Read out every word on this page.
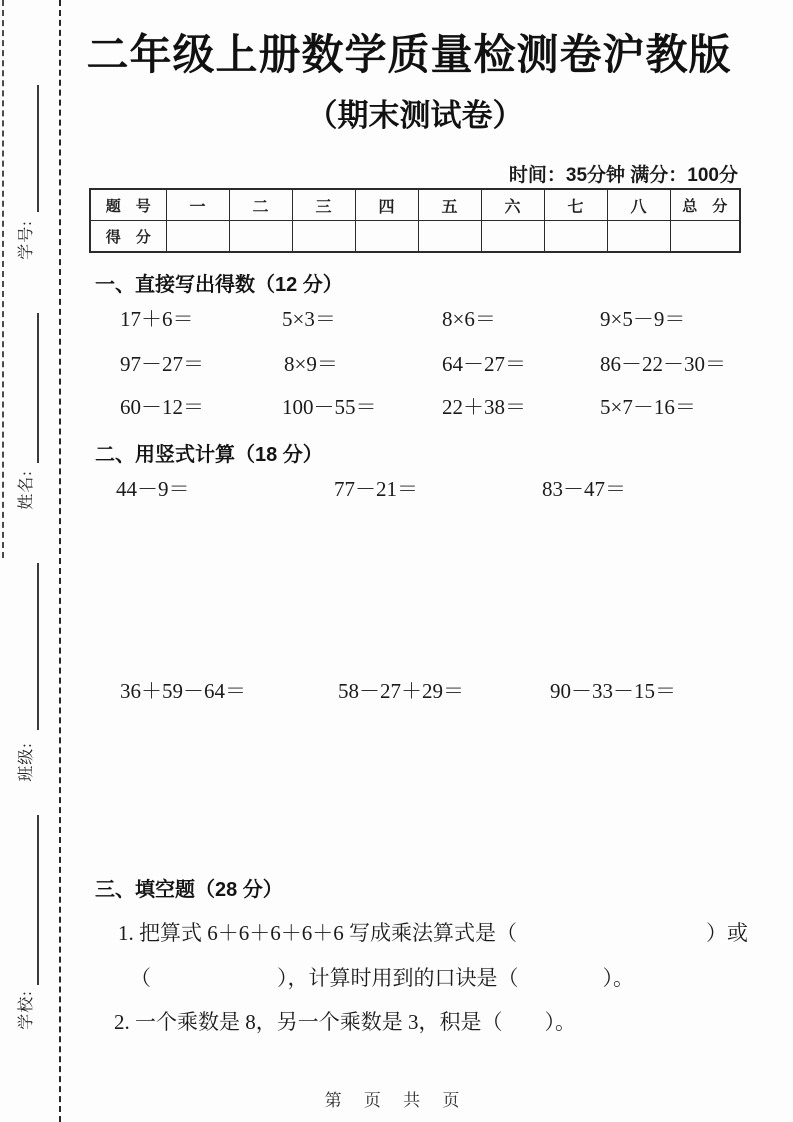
学号:
姓名:
班级:
学校:
二年级上册数学质量检测卷沪教版
（期末测试卷）
时间：35分钟 满分：100分
题　号	一	二	三	四	五	六	七	八	总　分
得　分									
一、直接写出得数（12 分）
17＋6＝	5×3＝	8×6＝	9×5－9＝
97－27＝	8×9＝	64－27＝	86－22－30＝
60－12＝	100－55＝	22＋38＝	5×7－16＝
二、用竖式计算（18 分）
44－9＝	77－21＝	83－47＝
36＋59－64＝	58－27＋29＝	90－33－15＝
三、填空题（28 分）
1. 把算式 6＋6＋6＋6＋6 写成乘法算式是（　　　　　　　　　）或
（　　　　　　），计算时用到的口诀是（　　　　）。
2. 一个乘数是 8，另一个乘数是 3，积是（　　）。
第 页 共 页
